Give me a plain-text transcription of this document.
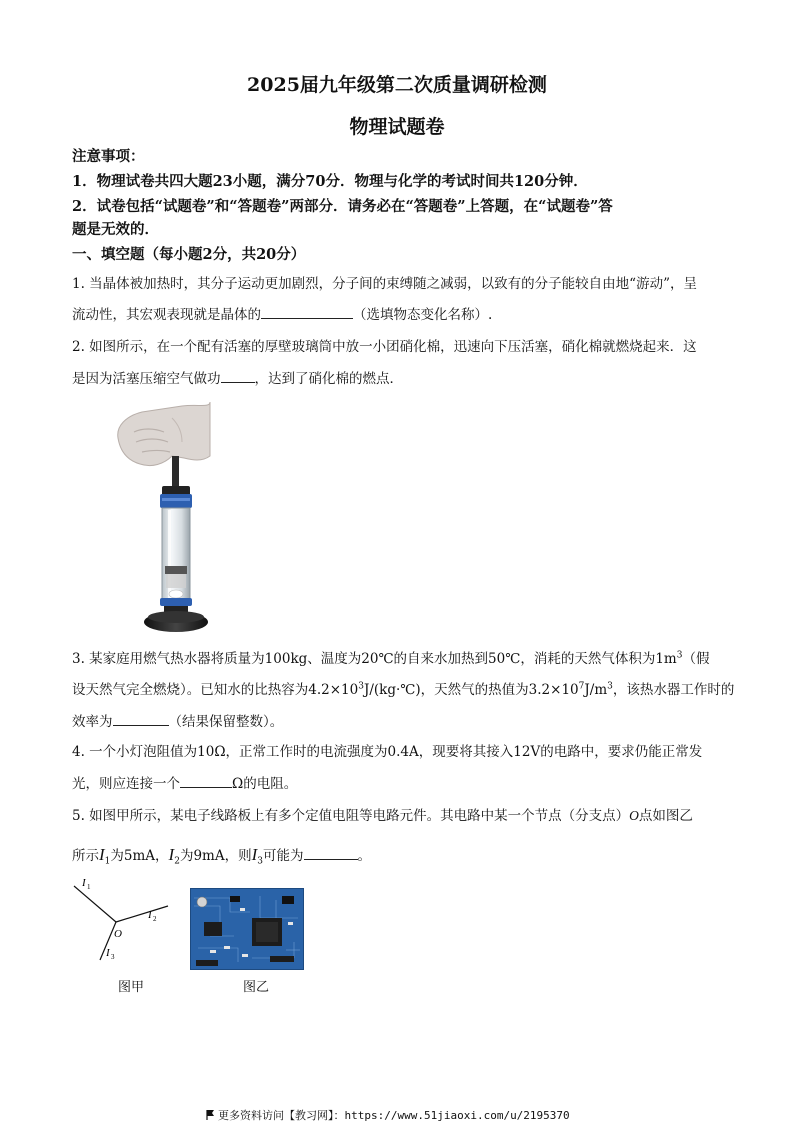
2025届九年级第二次质量调研检测
物理试题卷
注意事项：
1．物理试卷共四大题23小题，满分70分．物理与化学的考试时间共120分钟．
2．试卷包括“试题卷”和“答题卷”两部分．请务必在“答题卷”上答题，在“试题卷”答
题是无效的．
一、填空题（每小题2分，共20分）
1. 当晶体被加热时，其分子运动更加剧烈，分子间的束缚随之减弱，以致有的分子能较自由地“游动”，呈
流动性，其宏观表现就是晶体的	（选填物态变化名称）.
2. 如图所示，在一个配有活塞的厚壁玻璃筒中放一小团硝化棉，迅速向下压活塞，硝化棉就燃烧起来．这
是因为活塞压缩空气做功	，达到了硝化棉的燃点．
3. 某家庭用燃气热水器将质量为100kg、温度为20℃的自来水加热到50℃，消耗的天然气体积为$1m^3$（假
设天然气完全燃烧）。已知水的比热容为$4.2\times 10^3J/(kg\cdot℃)$，天然气的热值为$3.2\times 10^7J/m^3$，该热水器工作时的
效率为	（结果保留整数）。
4. 一个小灯泡阻值为10Ω，正常工作时的电流强度为0.4A，现要将其接入12V的电路中，要求仍能正常发
光，则应连接一个	Ω的电阻。
5. 如图甲所示，某电子线路板上有多个定值电阻等电路元件。其电路中某一个节点（分支点）O点如图乙
所示$I_1$为5mA，$I_2$为9mA，则$I_3$可能为	。
I 1
I 2
I 3
O
图甲	图乙
更多资料访问【教习网】：https://www.51jiaoxi.com/u/2195370
